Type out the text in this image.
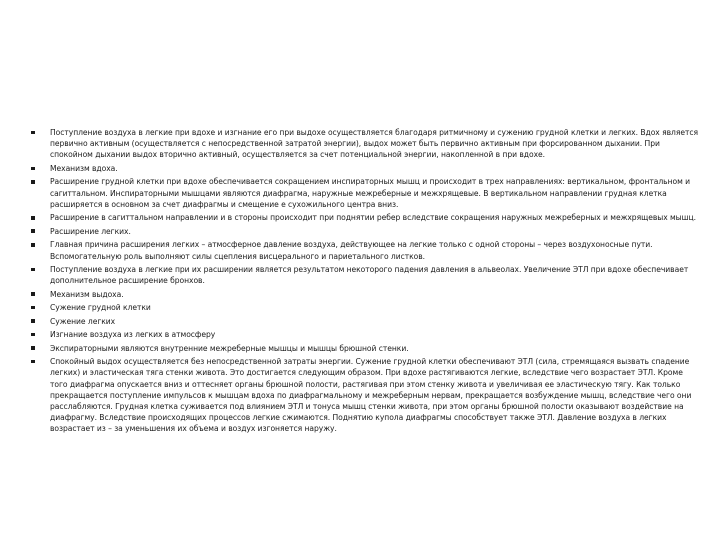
Поступление воздуха в легкие при вдохе и изгнание его при выдохе осуществляется благодаря ритмичному и сужению грудной клетки и легких. Вдох является первично активным (осуществляется с непосредственной затратой энергии), выдох может быть первично активным при форсированном дыхании. При спокойном дыхании выдох вторично активный, осуществляется за счет потенциальной энергии, накопленной в при вдохе.
Механизм вдоха.
Расширение грудной клетки при вдохе обеспечивается сокращением инспираторных мышц и происходит в трех направлениях: вертикальном, фронтальном и сагиттальном. Инспираторными мышцами являются диафрагма, наружные межреберные и межхрящевые. В вертикальном направлении грудная клетка расширяется в основном за счет диафрагмы и смещение е сухожильного центра вниз.
Расширение в сагиттальном направлении и в стороны происходит при поднятии ребер вследствие сокращения наружных межреберных и межхрящевых мышц.
Расширение легких.
Главная причина расширения легких – атмосферное давление воздуха, действующее на легкие только с одной стороны – через воздухоносные пути. Вспомогательную роль выполняют силы сцепления висцерального и париетального листков.
Поступление воздуха в легкие при их расширении является результатом некоторого падения давления в альвеолах. Увеличение ЭТЛ при вдохе обеспечивает дополнительное расширение бронхов.
Механизм выдоха.
Сужение грудной клетки
Сужение легких
Изгнание воздуха из легких в атмосферу
Экспираторными являются внутренние межреберные мышцы и мышцы брюшной стенки.
Спокойный выдох осуществляется без непосредственной затраты энергии. Сужение грудной клетки обеспечивают ЭТЛ (сила, стремящаяся вызвать спадение легких) и эластическая тяга стенки живота. Это достигается следующим образом. При вдохе растягиваются легкие, вследствие чего возрастает ЭТЛ. Кроме того диафрагма опускается вниз и оттесняет органы брюшной полости, растягивая при этом стенку живота и увеличивая ее эластическую тягу. Как только прекращается поступление импульсов к мышцам вдоха по диафрагмальному и межреберным нервам, прекращается возбуждение мышц, вследствие чего они расслабляются. Грудная клетка суживается под влиянием ЭТЛ и тонуса мышц стенки живота, при этом органы брюшной полости оказывают воздействие на диафрагму. Вследствие происходящих процессов легкие сжимаются. Поднятию купола диафрагмы способствует также ЭТЛ. Давление воздуха в легких возрастает из – за уменьшения их объема и воздух изгоняется наружу.
